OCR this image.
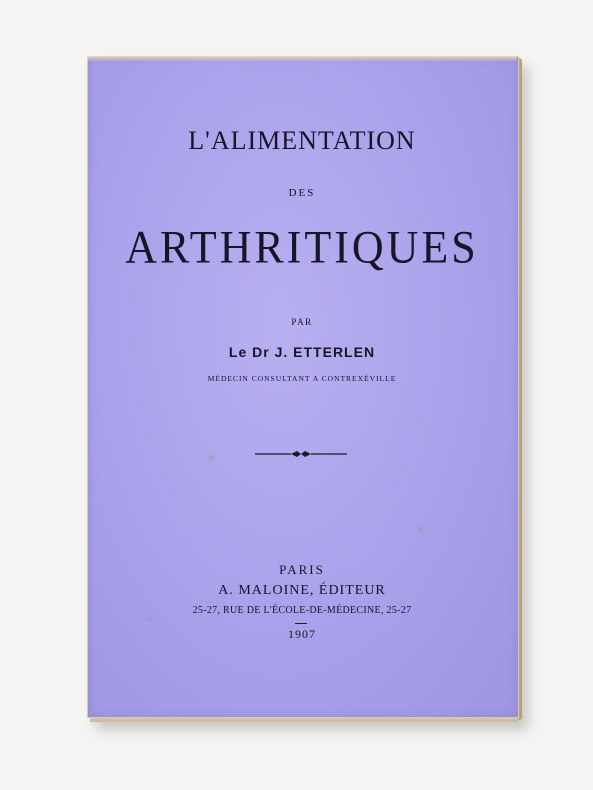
L'ALIMENTATION
DES
ARTHRITIQUES
PAR
Le Dr J. ETTERLEN
MÉDECIN CONSULTANT A CONTREXÉVILLE
PARIS
A. MALOINE, ÉDITEUR
25-27, RUE DE L'ÉCOLE-DE-MÉDECINE, 25-27
1907
